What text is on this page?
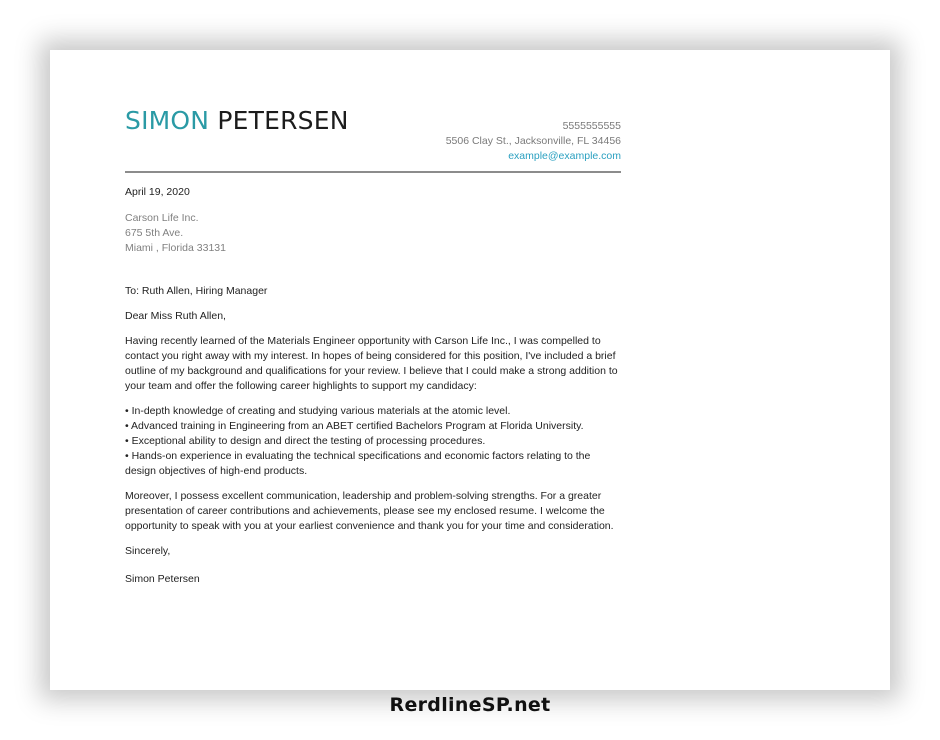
SIMON PETERSEN	5555555555
5506 Clay St., Jacksonville, FL 34456
example@example.com

April 19, 2020

Carson Life Inc.
675 5th Ave.
Miami , Florida 33131

To: Ruth Allen, Hiring Manager

Dear Miss Ruth Allen,

Having recently learned of the Materials Engineer opportunity with Carson Life Inc., I was compelled to contact you right away with my interest. In hopes of being considered for this position, I've included a brief outline of my background and qualifications for your review. I believe that I could make a strong addition to your team and offer the following career highlights to support my candidacy:

• In-depth knowledge of creating and studying various materials at the atomic level.
• Advanced training in Engineering from an ABET certified Bachelors Program at Florida University.
• Exceptional ability to design and direct the testing of processing procedures.
• Hands-on experience in evaluating the technical specifications and economic factors relating to the design objectives of high-end products.

Moreover, I possess excellent communication, leadership and problem-solving strengths. For a greater presentation of career contributions and achievements, please see my enclosed resume. I welcome the opportunity to speak with you at your earliest convenience and thank you for your time and consideration.

Sincerely,

Simon Petersen

RerdlineSP.net
